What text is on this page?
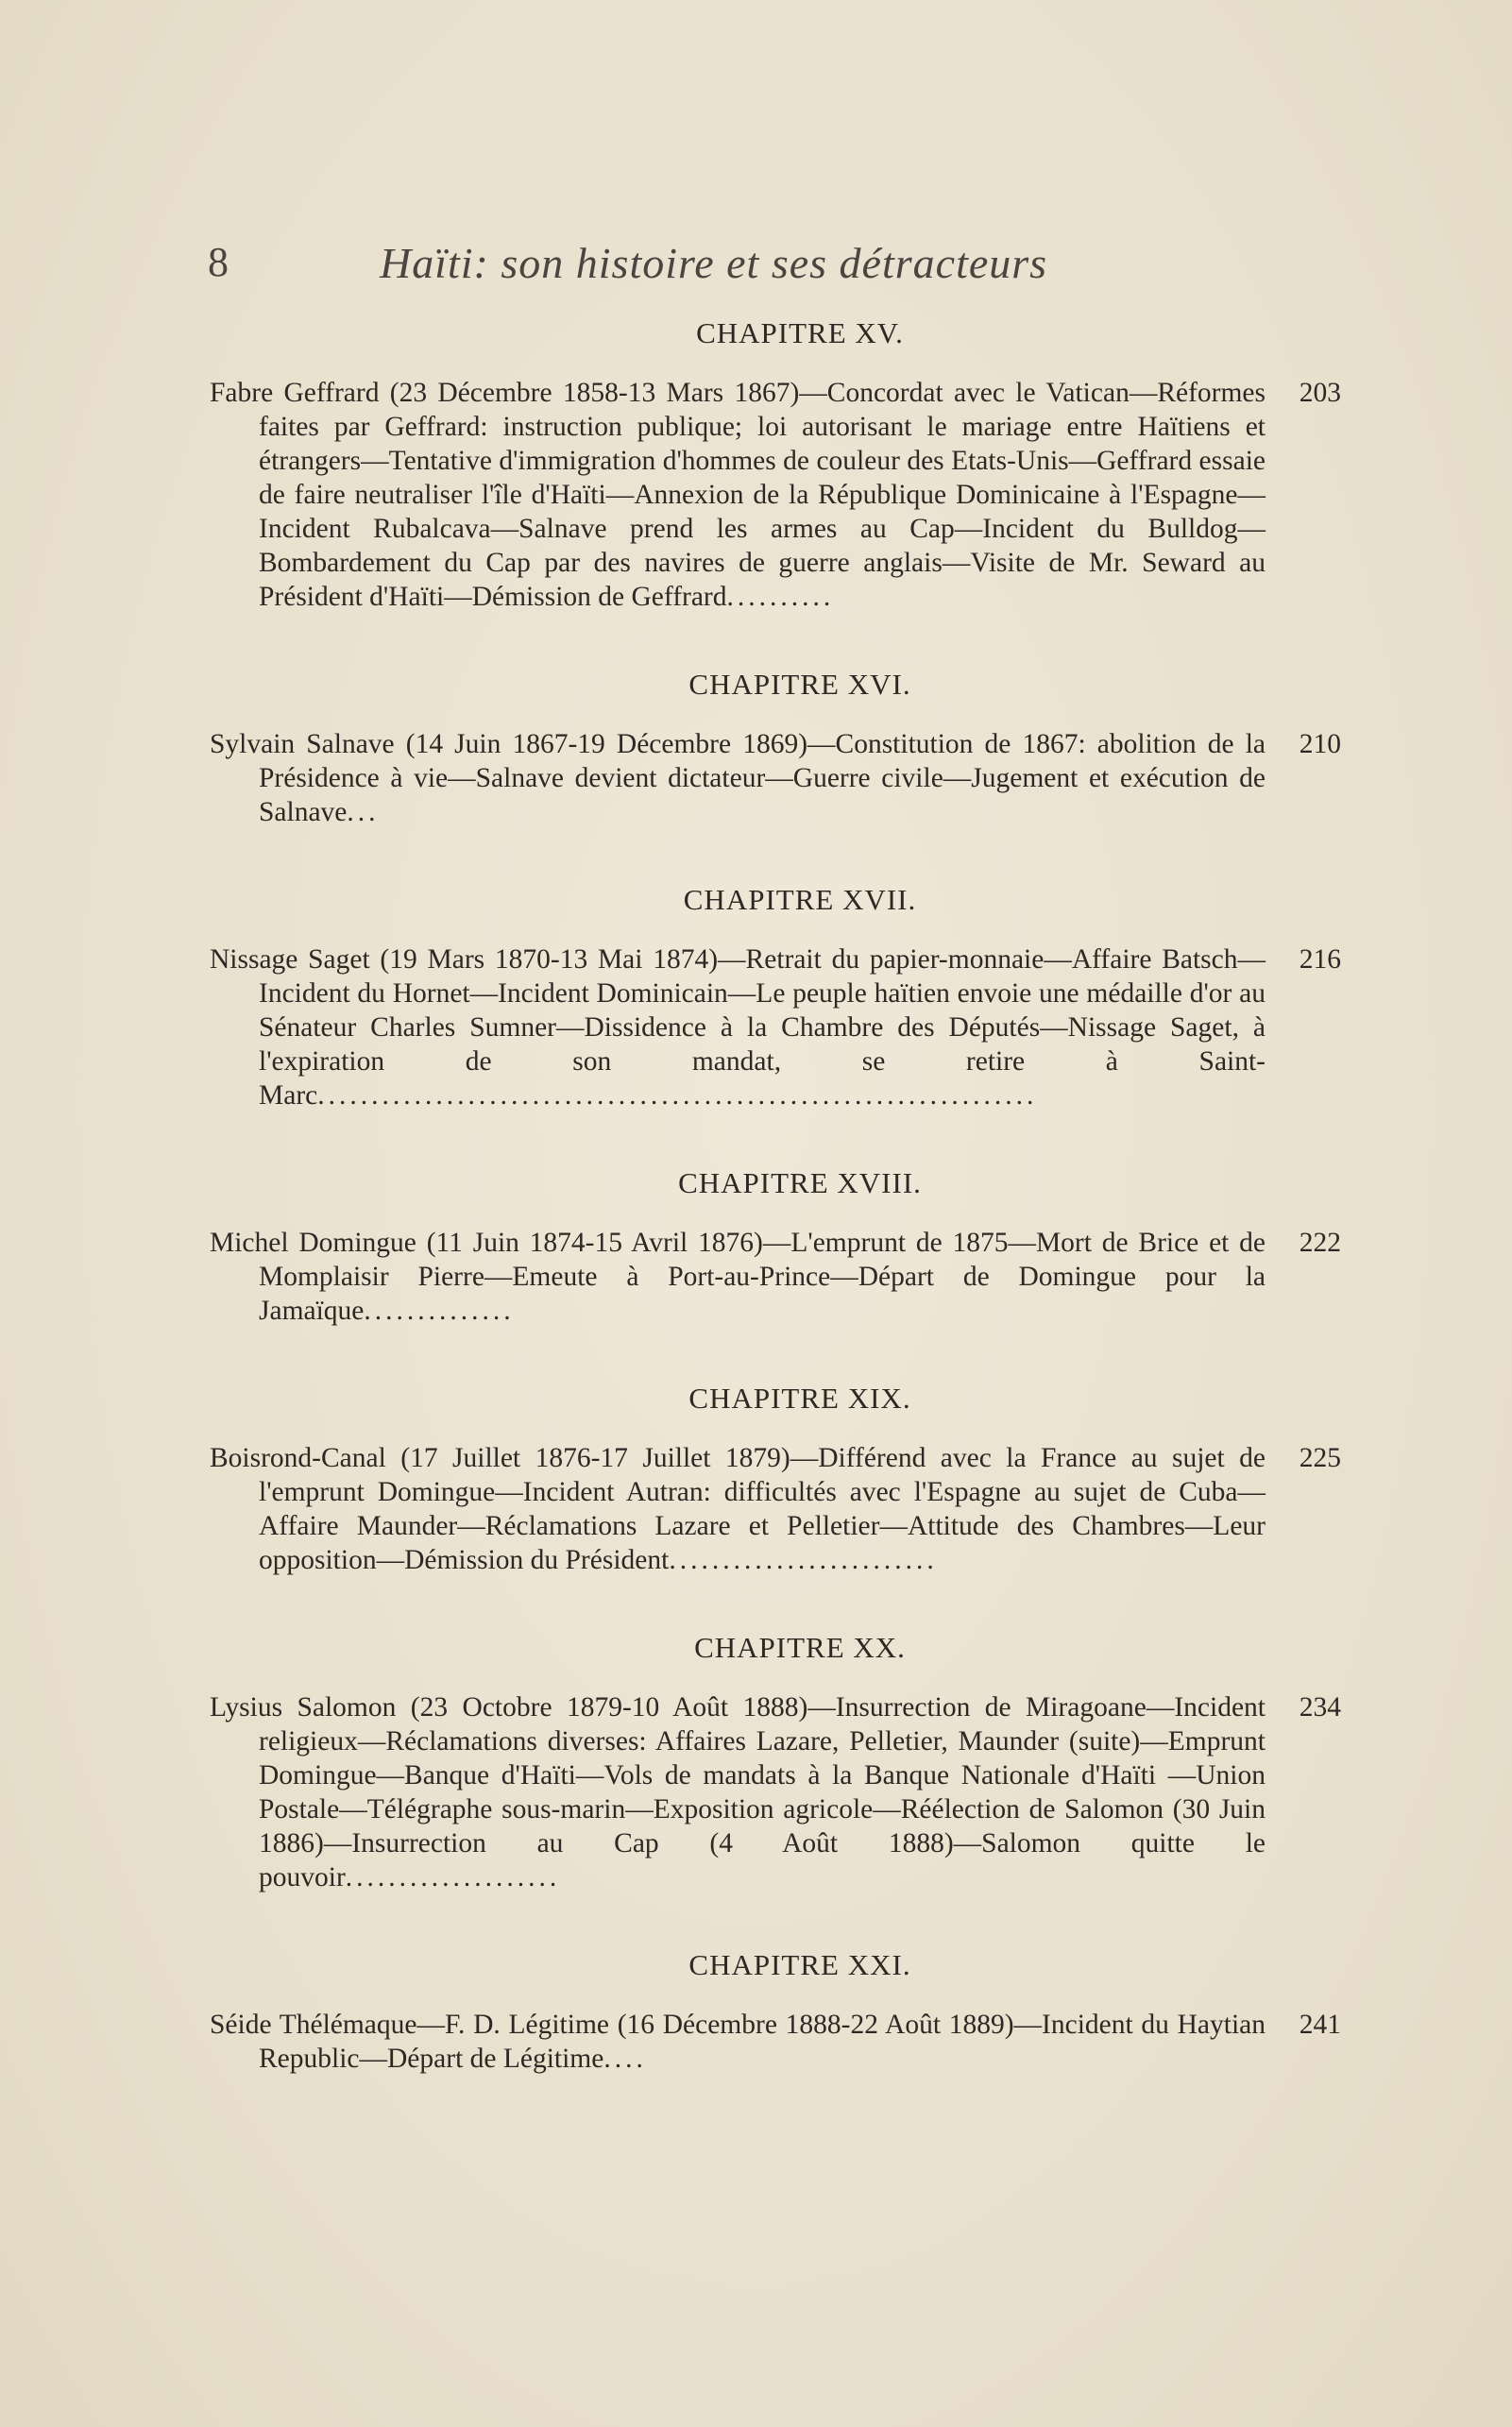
8	Haïti: son histoire et ses détracteurs
CHAPITRE XV.
203
Fabre Geffrard (23 Décembre 1858-13 Mars 1867)—Concordat avec le Vatican—Réformes faites par Geffrard: instruction publique; loi autorisant le mariage entre Haïtiens et étrangers—Tentative d'immigration d'hommes de couleur des Etats-Unis—Geffrard essaie de faire neutraliser l'île d'Haïti—Annexion de la République Dominicaine à l'Espagne—Incident Rubalcava—Salnave prend les armes au Cap—Incident du Bulldog—Bombardement du Cap par des navires de guerre anglais—Visite de Mr. Seward au Président d'Haïti—Démission de Geffrard..........
CHAPITRE XVI.
210
Sylvain Salnave (14 Juin 1867-19 Décembre 1869)—Constitution de 1867: abolition de la Présidence à vie—Salnave devient dictateur—Guerre civile—Jugement et exécution de Salnave...
CHAPITRE XVII.
216
Nissage Saget (19 Mars 1870-13 Mai 1874)—Retrait du papier-monnaie—Affaire Batsch—Incident du Hornet—Incident Dominicain—Le peuple haïtien envoie une médaille d'or au Sénateur Charles Sumner—Dissidence à la Chambre des Députés—Nissage Saget, à l'expiration de son mandat, se retire à Saint-Marc...................................................................
CHAPITRE XVIII.
222
Michel Domingue (11 Juin 1874-15 Avril 1876)—L'emprunt de 1875—Mort de Brice et de Momplaisir Pierre—Emeute à Port-au-Prince—Départ de Domingue pour la Jamaïque..............
CHAPITRE XIX.
225
Boisrond-Canal (17 Juillet 1876-17 Juillet 1879)—Différend avec la France au sujet de l'emprunt Domingue—Incident Autran: difficultés avec l'Espagne au sujet de Cuba—Affaire Maunder—Réclamations Lazare et Pelletier—Attitude des Chambres—Leur opposition—Démission du Président.........................
CHAPITRE XX.
234
Lysius Salomon (23 Octobre 1879-10 Août 1888)—Insurrection de Miragoane—Incident religieux—Réclamations diverses: Affaires Lazare, Pelletier, Maunder (suite)—Emprunt Domingue—Banque d'Haïti—Vols de mandats à la Banque Nationale d'Haïti —Union Postale—Télégraphe sous-marin—Exposition agricole—Réélection de Salomon (30 Juin 1886)—Insurrection au Cap (4 Août 1888)—Salomon quitte le pouvoir....................
CHAPITRE XXI.
241
Séide Thélémaque—F. D. Légitime (16 Décembre 1888-22 Août 1889)—Incident du Haytian Republic—Départ de Légitime....
